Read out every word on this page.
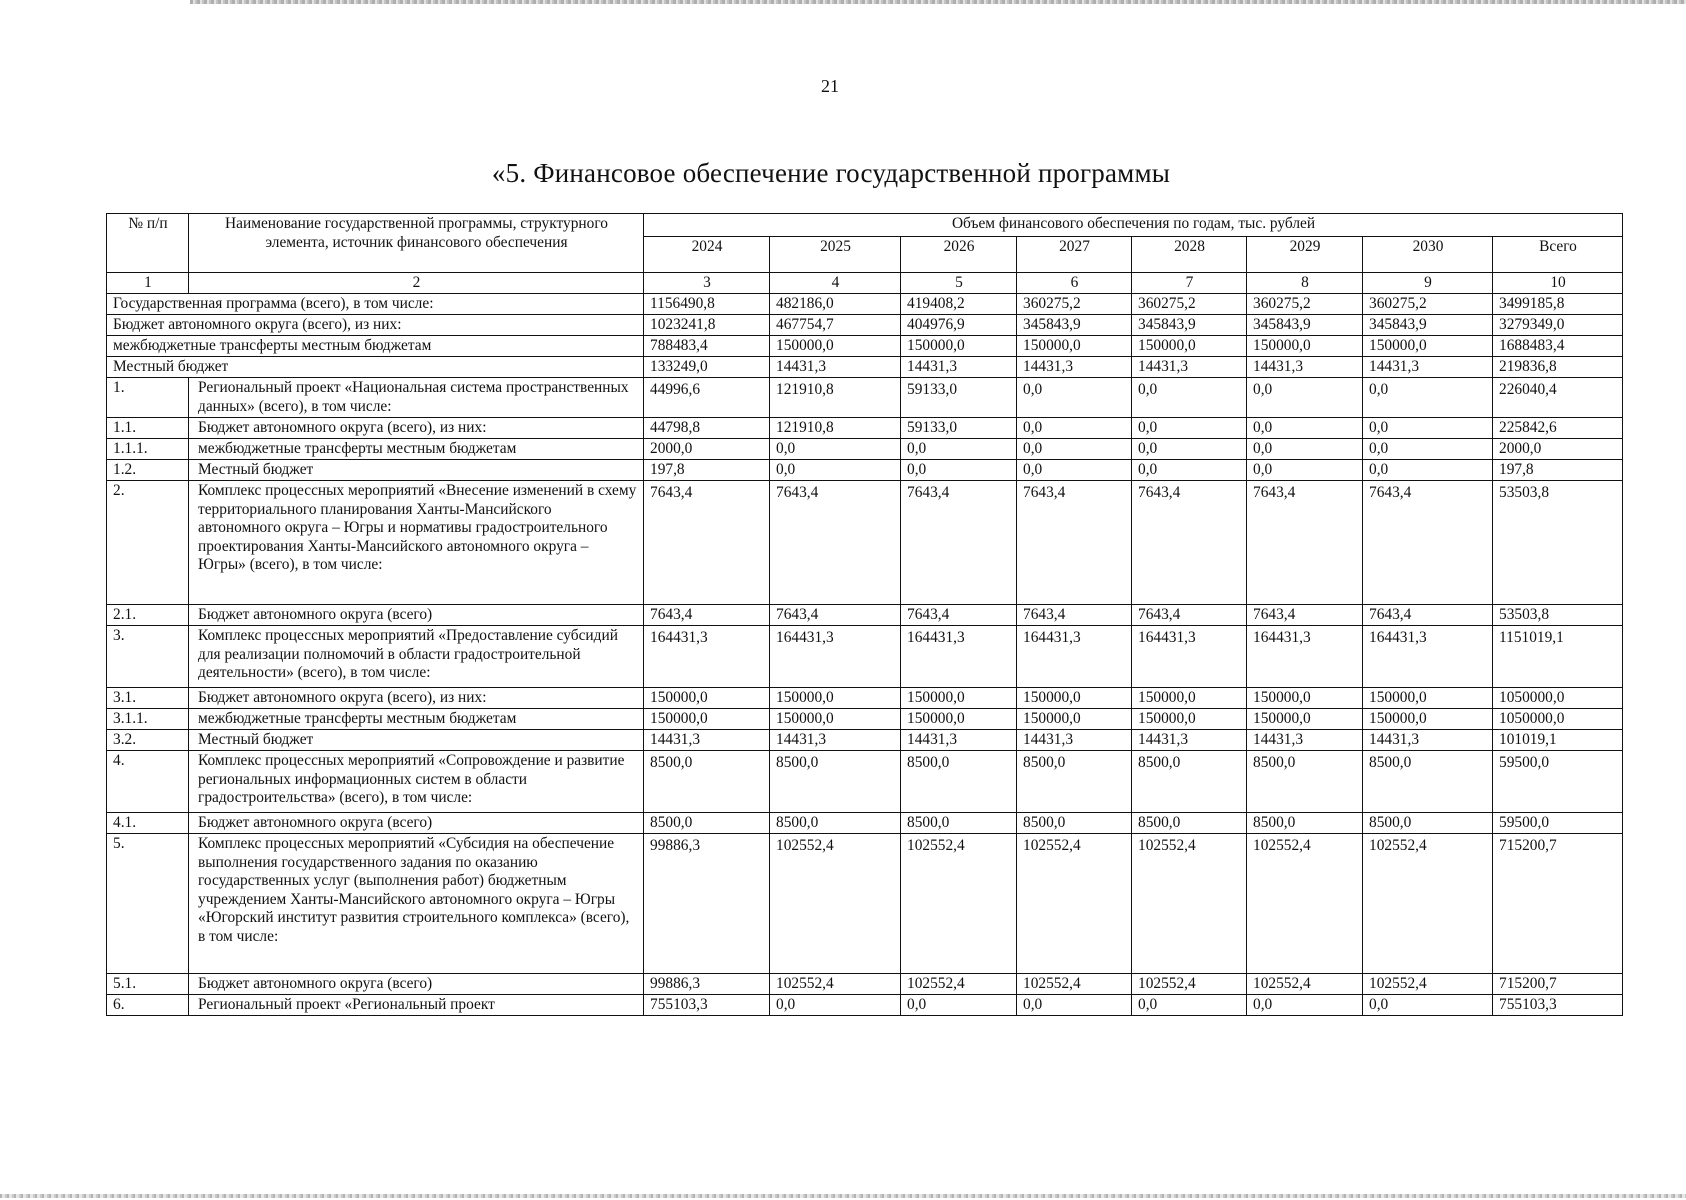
21
«5. Финансовое обеспечение государственной программы
№ п/п	Наименование государственной программы, структурного элемента, источник финансового обеспечения	Объем финансового обеспечения по годам, тыс. рублей							
		2024	2025	2026	2027	2028	2029	2030	Всего
1	2	3	4	5	6	7	8	9	10
Государственная программа (всего), в том числе:		1156490,8	482186,0	419408,2	360275,2	360275,2	360275,2	360275,2	3499185,8
Бюджет автономного округа (всего), из них:		1023241,8	467754,7	404976,9	345843,9	345843,9	345843,9	345843,9	3279349,0
межбюджетные трансферты местным бюджетам		788483,4	150000,0	150000,0	150000,0	150000,0	150000,0	150000,0	1688483,4
Местный бюджет		133249,0	14431,3	14431,3	14431,3	14431,3	14431,3	14431,3	219836,8
1.	Региональный проект «Национальная система пространственных данных» (всего), в том числе:	44996,6	121910,8	59133,0	0,0	0,0	0,0	0,0	226040,4
1.1.	Бюджет автономного округа (всего), из них:	44798,8	121910,8	59133,0	0,0	0,0	0,0	0,0	225842,6
1.1.1.	межбюджетные трансферты местным бюджетам	2000,0	0,0	0,0	0,0	0,0	0,0	0,0	2000,0
1.2.	Местный бюджет	197,8	0,0	0,0	0,0	0,0	0,0	0,0	197,8
2.	Комплекс процессных мероприятий «Внесение изменений в схему территориального планирования Ханты-Мансийского автономного округа – Югры и нормативы градостроительного проектирования Ханты-Мансийского автономного округа – Югры» (всего), в том числе:	7643,4	7643,4	7643,4	7643,4	7643,4	7643,4	7643,4	53503,8
2.1.	Бюджет автономного округа (всего)	7643,4	7643,4	7643,4	7643,4	7643,4	7643,4	7643,4	53503,8
3.	Комплекс процессных мероприятий «Предоставление субсидий для реализации полномочий в области градостроительной деятельности» (всего), в том числе:	164431,3	164431,3	164431,3	164431,3	164431,3	164431,3	164431,3	1151019,1
3.1.	Бюджет автономного округа (всего), из них:	150000,0	150000,0	150000,0	150000,0	150000,0	150000,0	150000,0	1050000,0
3.1.1.	межбюджетные трансферты местным бюджетам	150000,0	150000,0	150000,0	150000,0	150000,0	150000,0	150000,0	1050000,0
3.2.	Местный бюджет	14431,3	14431,3	14431,3	14431,3	14431,3	14431,3	14431,3	101019,1
4.	Комплекс процессных мероприятий «Сопровождение и развитие региональных информационных систем в области градостроительства» (всего), в том числе:	8500,0	8500,0	8500,0	8500,0	8500,0	8500,0	8500,0	59500,0
4.1.	Бюджет автономного округа (всего)	8500,0	8500,0	8500,0	8500,0	8500,0	8500,0	8500,0	59500,0
5.	Комплекс процессных мероприятий «Субсидия на обеспечение выполнения государственного задания по оказанию государственных услуг (выполнения работ) бюджетным учреждением Ханты-Мансийского автономного округа – Югры «Югорский институт развития строительного комплекса» (всего), в том числе:	99886,3	102552,4	102552,4	102552,4	102552,4	102552,4	102552,4	715200,7
5.1.	Бюджет автономного округа (всего)	99886,3	102552,4	102552,4	102552,4	102552,4	102552,4	102552,4	715200,7
6.	Региональный проект «Региональный проект	755103,3	0,0	0,0	0,0	0,0	0,0	0,0	755103,3
